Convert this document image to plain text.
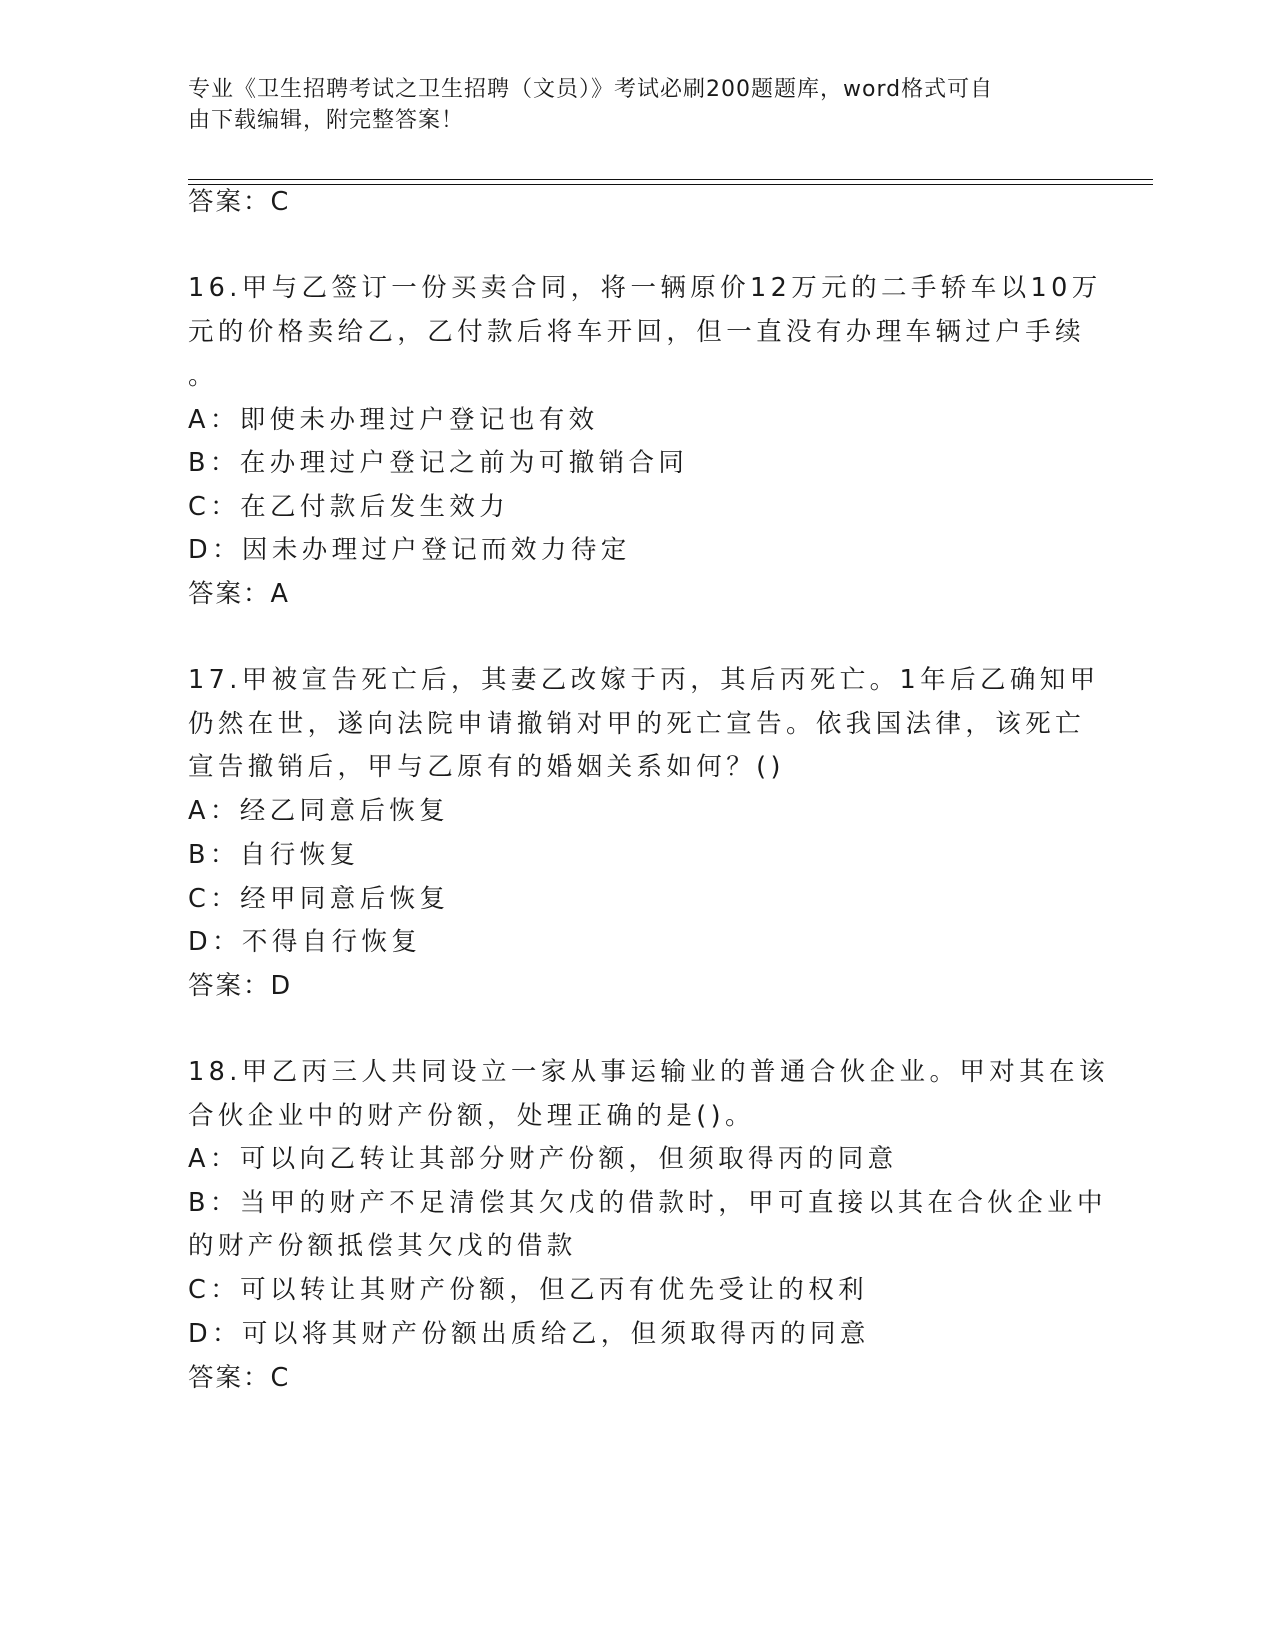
专业《卫生招聘考试之卫生招聘（文员）》考试必刷200题题库，word格式可自
由下载编辑，附完整答案！
答案：C
16.甲与乙签订一份买卖合同，将一辆原价12万元的二手轿车以10万
元的价格卖给乙，乙付款后将车开回，但一直没有办理车辆过户手续
。
A：即使未办理过户登记也有效
B：在办理过户登记之前为可撤销合同
C：在乙付款后发生效力
D：因未办理过户登记而效力待定
答案：A
17.甲被宣告死亡后，其妻乙改嫁于丙，其后丙死亡。1年后乙确知甲
仍然在世，遂向法院申请撤销对甲的死亡宣告。依我国法律，该死亡
宣告撤销后，甲与乙原有的婚姻关系如何？()
A：经乙同意后恢复
B：自行恢复
C：经甲同意后恢复
D：不得自行恢复
答案：D
18.甲乙丙三人共同设立一家从事运输业的普通合伙企业。甲对其在该
合伙企业中的财产份额，处理正确的是()。
A：可以向乙转让其部分财产份额，但须取得丙的同意
B：当甲的财产不足清偿其欠戊的借款时，甲可直接以其在合伙企业中
的财产份额抵偿其欠戊的借款
C：可以转让其财产份额，但乙丙有优先受让的权利
D：可以将其财产份额出质给乙，但须取得丙的同意
答案：C
